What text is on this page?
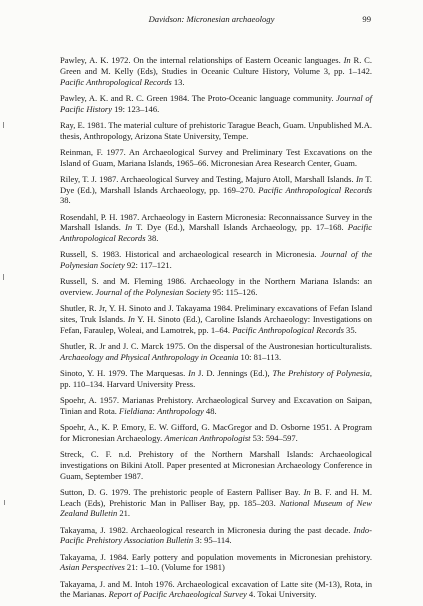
Davidson: Micronesian archaeology	99

Pawley, A. K. 1972. On the internal relationships of Eastern Oceanic languages. In R. C. Green and M. Kelly (Eds), Studies in Oceanic Culture History, Volume 3, pp. 1–142. Pacific Anthropological Records 13.

Pawley, A. K. and R. C. Green 1984. The Proto-Oceanic language community. Journal of Pacific History 19: 123–146.

Ray, E. 1981. The material culture of prehistoric Tarague Beach, Guam. Unpublished M.A. thesis, Anthropology, Arizona State University, Tempe.

Reinman, F. 1977. An Archaeological Survey and Preliminary Test Excavations on the Island of Guam, Mariana Islands, 1965–66. Micronesian Area Research Center, Guam.

Riley, T. J. 1987. Archaeological Survey and Testing, Majuro Atoll, Marshall Islands. In T. Dye (Ed.), Marshall Islands Archaeology, pp. 169–270. Pacific Anthropological Records 38.

Rosendahl, P. H. 1987. Archaeology in Eastern Micronesia: Reconnaissance Survey in the Marshall Islands. In T. Dye (Ed.), Marshall Islands Archaeology, pp. 17–168. Pacific Anthropological Records 38.

Russell, S. 1983. Historical and archaeological research in Micronesia. Journal of the Polynesian Society 92: 117–121.

Russell, S. and M. Fleming 1986. Archaeology in the Northern Mariana Islands: an overview. Journal of the Polynesian Society 95: 115–126.

Shutler, R. Jr, Y. H. Sinoto and J. Takayama 1984. Preliminary excavations of Fefan Island sites, Truk Islands. In Y. H. Sinoto (Ed.), Caroline Islands Archaeology: Investigations on Fefan, Faraulep, Woleai, and Lamotrek, pp. 1–64. Pacific Anthropological Records 35.

Shutler, R. Jr and J. C. Marck 1975. On the dispersal of the Austronesian horticulturalists. Archaeology and Physical Anthropology in Oceania 10: 81–113.

Sinoto, Y. H. 1979. The Marquesas. In J. D. Jennings (Ed.), The Prehistory of Polynesia, pp. 110–134. Harvard University Press.

Spoehr, A. 1957. Marianas Prehistory. Archaeological Survey and Excavation on Saipan, Tinian and Rota. Fieldiana: Anthropology 48.

Spoehr, A., K. P. Emory, E. W. Gifford, G. MacGregor and D. Osborne 1951. A Program for Micronesian Archaeology. American Anthropologist 53: 594–597.

Streck, C. F. n.d. Prehistory of the Northern Marshall Islands: Archaeological investigations on Bikini Atoll. Paper presented at Micronesian Archaeology Conference in Guam, September 1987.

Sutton, D. G. 1979. The prehistoric people of Eastern Palliser Bay. In B. F. and H. M. Leach (Eds), Prehistoric Man in Palliser Bay, pp. 185–203. National Museum of New Zealand Bulletin 21.

Takayama, J. 1982. Archaeological research in Micronesia during the past decade. Indo-Pacific Prehistory Association Bulletin 3: 95–114.

Takayama, J. 1984. Early pottery and population movements in Micronesian prehistory. Asian Perspectives 21: 1–10. (Volume for 1981)

Takayama, J. and M. Intoh 1976. Archaeological excavation of Latte site (M-13), Rota, in the Marianas. Report of Pacific Archaeological Survey 4. Tokai University.
